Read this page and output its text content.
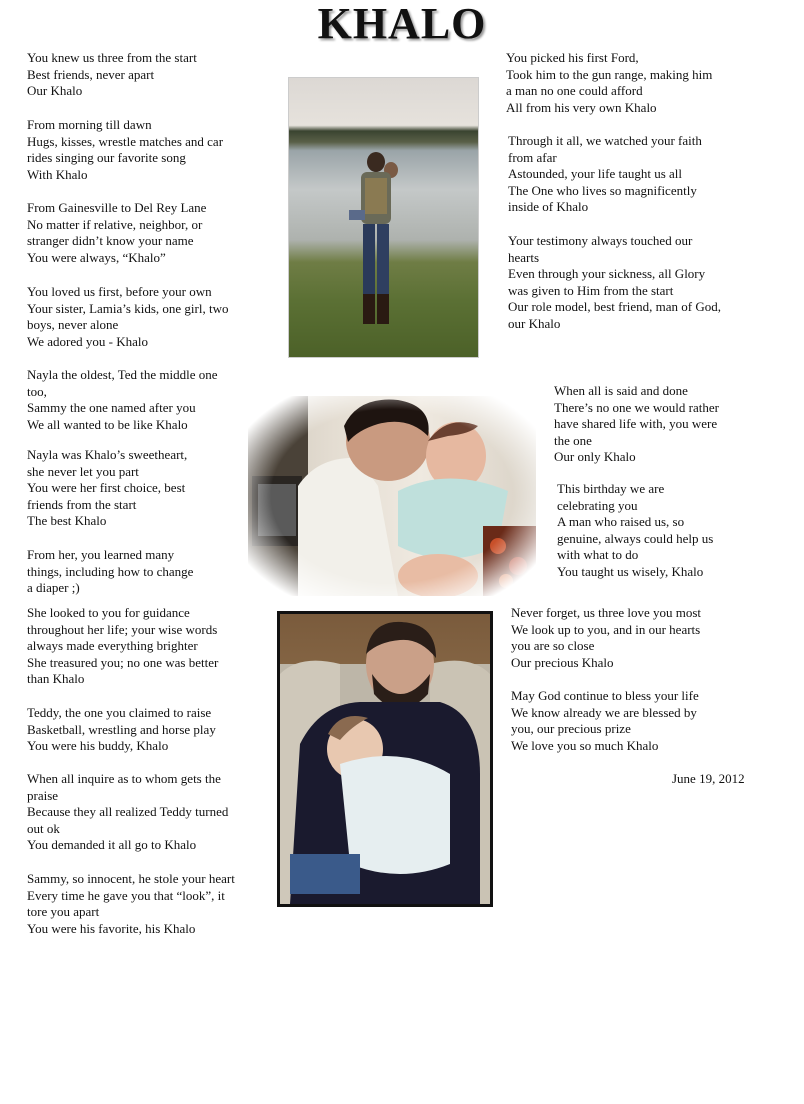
KHALO
You knew us three from the start
Best friends, never apart
Our Khalo
From morning till dawn
Hugs, kisses, wrestle matches and car
rides singing our favorite song
With Khalo
From Gainesville to Del Rey Lane
No matter if relative, neighbor, or
stranger didn’t know your name
You were always, “Khalo”
You loved us first, before your own
Your sister, Lamia’s kids, one girl, two
boys, never alone
We adored you - Khalo
Nayla the oldest, Ted the middle one
too,
Sammy the one named after you
We all wanted to be like Khalo
Nayla was Khalo’s sweetheart,
she never let you part
You were her first choice, best
friends from the start
The best Khalo
From her, you learned many
things, including how to change
a diaper ;)
She looked to you for guidance
throughout her life; your wise words
always made everything brighter
She treasured you; no one was better
than Khalo
Teddy, the one you claimed to raise
Basketball, wrestling and horse play
You were his buddy, Khalo
When all inquire as to whom gets the
praise
Because they all realized Teddy turned
out ok
You demanded it all go to Khalo
Sammy, so innocent, he stole your heart
Every time he gave you that “look”, it
tore you apart
You were his favorite, his Khalo
You picked his first Ford,
Took him to the gun range, making him
a man no one could afford
All from his very own Khalo
Through it all, we watched your faith
from afar
Astounded, your life taught us all
The One who lives so magnificently
inside of Khalo
Your testimony always touched our
hearts
Even through your sickness, all Glory
was given to Him from the start
Our role model, best friend, man of God,
our Khalo
When all is said and done
There’s no one we would rather
have shared life with, you were
the one
Our only Khalo
This birthday we are
celebrating you
A man who raised us, so
genuine, always could help us
with what to do
You taught us wisely, Khalo
Never forget, us three love you most
We look up to you, and in our hearts
you are so close
Our precious Khalo
May God continue to bless your life
We know already we are blessed by
you, our precious prize
We love you so much Khalo
June 19, 2012
